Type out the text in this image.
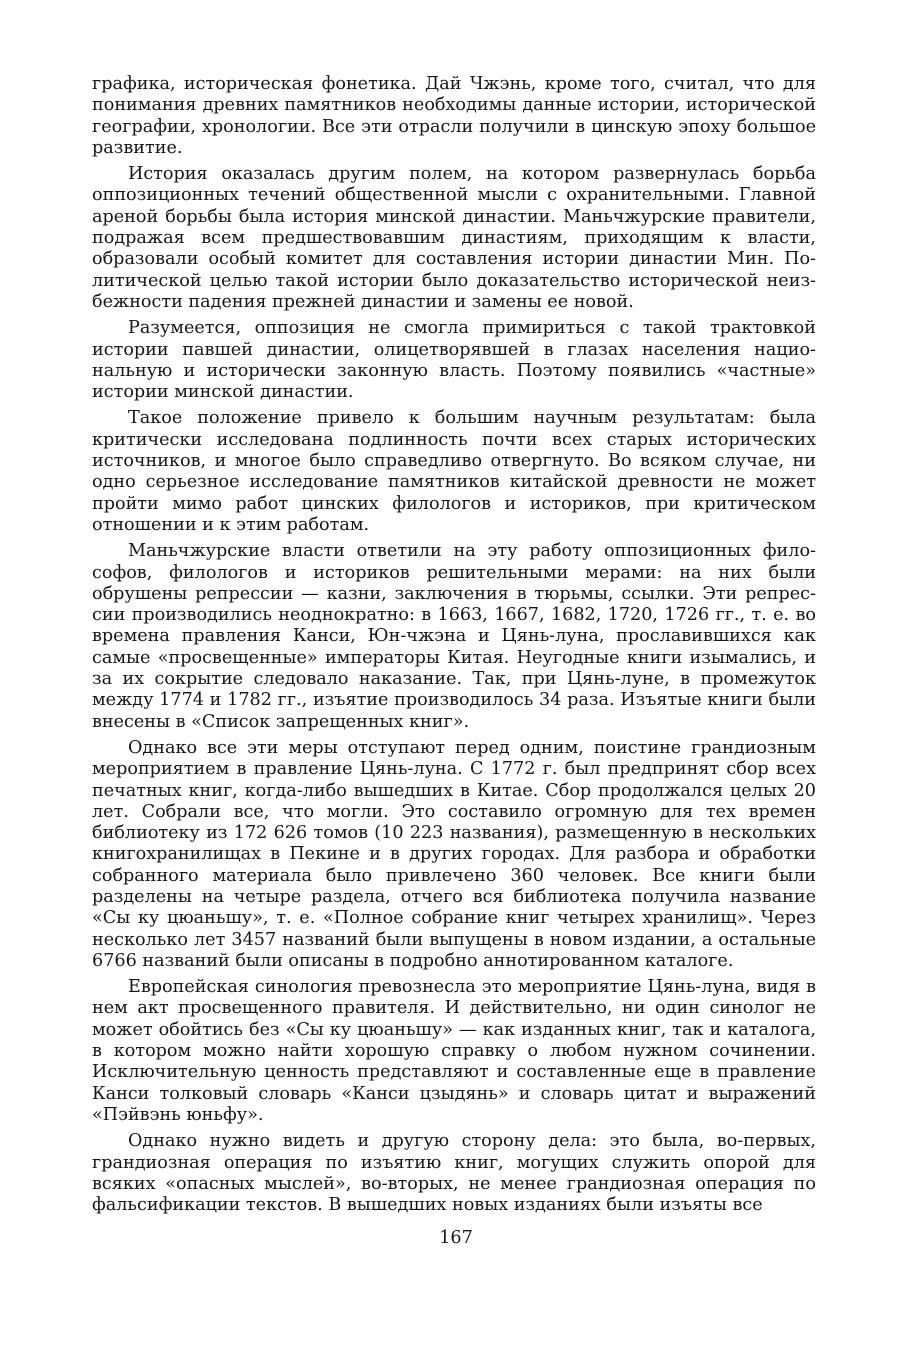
графика, историческая фонетика. Дай Чжэнь, кроме того, считал, что для понимания древних памятников необходимы данные истории, исторической географии, хронологии. Все эти отрасли получили в цинскую эпоху большое развитие.

История оказалась другим полем, на котором развернулась борьба оппозиционных течений общественной мысли с охранительными. Главной ареной борьбы была история минской династии. Маньчжурские правители, подражая всем предшествовавшим династиям, приходящим к власти, образовали особый комитет для составления истории династии Мин. Политической целью такой истории было доказательство исторической неизбежности падения прежней династии и замены ее новой.

Разумеется, оппозиция не смогла примириться с такой трактовкой истории павшей династии, олицетворявшей в глазах населения национальную и исторически законную власть. Поэтому появились «частные» истории минской династии.

Такое положение привело к большим научным результатам: была критически исследована подлинность почти всех старых исторических источников, и многое было справедливо отвергнуто. Во всяком случае, ни одно серьезное исследование памятников китайской древности не может пройти мимо работ цинских филологов и историков, при критическом отношении и к этим работам.

Маньчжурские власти ответили на эту работу оппозиционных философов, филологов и историков решительными мерами: на них были обрушены репрессии — казни, заключения в тюрьмы, ссылки. Эти репрессии производились неоднократно: в 1663, 1667, 1682, 1720, 1726 гг., т. е. во времена правления Канси, Юн-чжэна и Цянь-луна, прославившихся как самые «просвещенные» императоры Китая. Неугодные книги изымались, и за их сокрытие следовало наказание. Так, при Цянь-луне, в промежуток между 1774 и 1782 гг., изъятие производилось 34 раза. Изъятые книги были внесены в «Список запрещенных книг».

Однако все эти меры отступают перед одним, поистине грандиозным мероприятием в правление Цянь-луна. С 1772 г. был предпринят сбор всех печатных книг, когда-либо вышедших в Китае. Сбор продолжался целых 20 лет. Собрали все, что могли. Это составило огромную для тех времен библиотеку из 172 626 томов (10 223 названия), размещенную в нескольких книгохранилищах в Пекине и в других городах. Для разбора и обработки собранного материала было привлечено 360 человек. Все книги были разделены на четыре раздела, отчего вся библиотека получила название «Сы ку цюаньшу», т. е. «Полное собрание книг четырех хранилищ». Через несколько лет 3457 названий были выпущены в новом издании, а остальные 6766 названий были описаны в подробно аннотированном каталоге.

Европейская синология превознесла это мероприятие Цянь-луна, видя в нем акт просвещенного правителя. И действительно, ни один синолог не может обойтись без «Сы ку цюаньшу» — как изданных книг, так и каталога, в котором можно найти хорошую справку о любом нужном сочинении. Исключительную ценность представляют и составленные еще в правление Канси толковый словарь «Канси цзыдянь» и словарь цитат и выражений «Пэйвэнь юньфу».

Однако нужно видеть и другую сторону дела: это была, во-первых, грандиозная операция по изъятию книг, могущих служить опорой для всяких «опасных мыслей», во-вторых, не менее грандиозная операция по фальсификации текстов. В вышедших новых изданиях были изъяты все

167
